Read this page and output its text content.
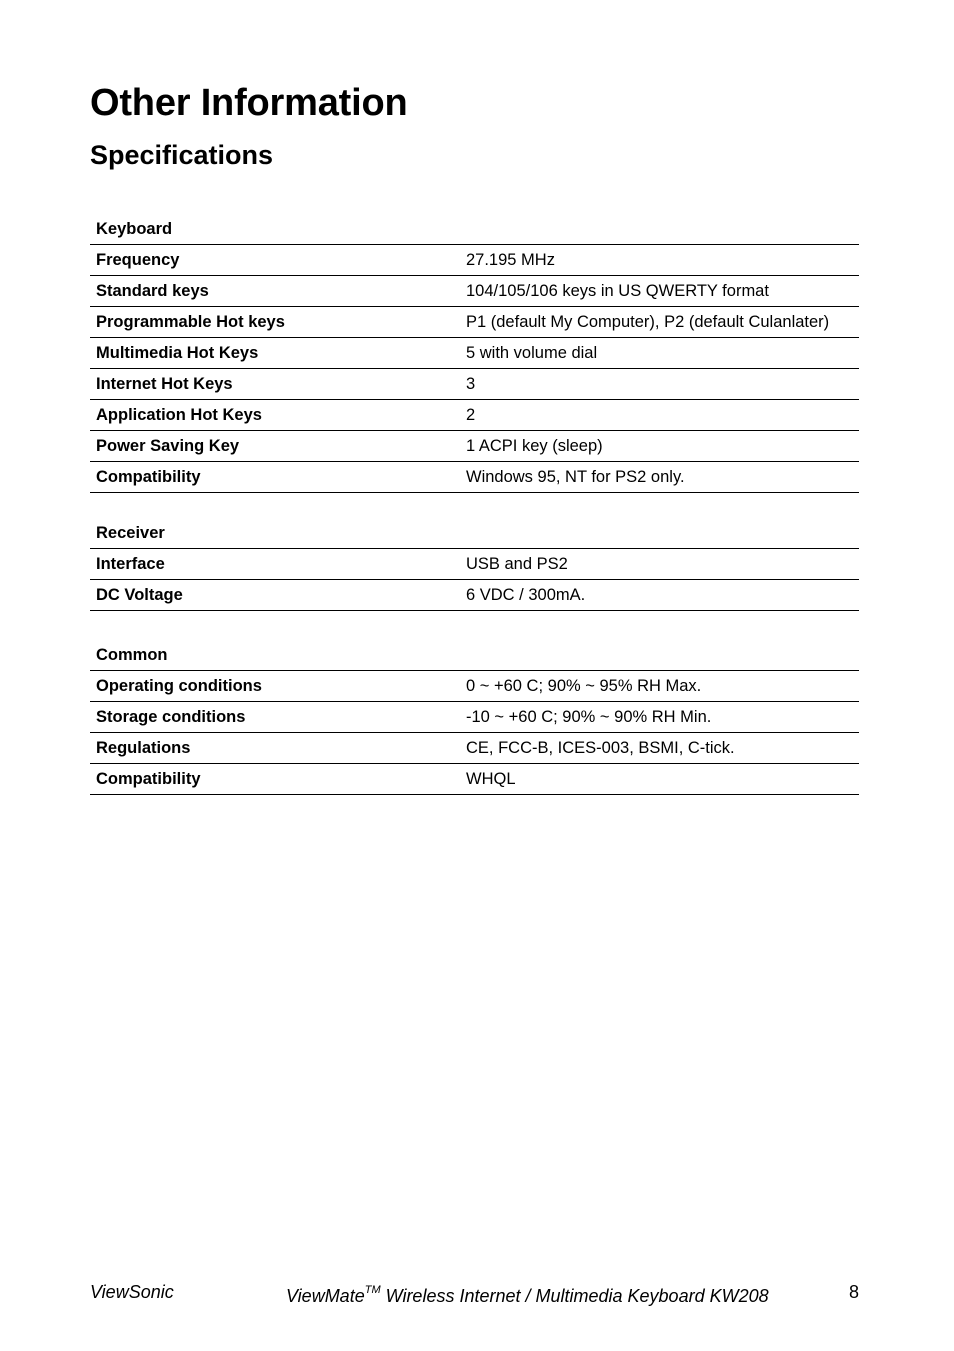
Other Information
Specifications
Keyboard	
Frequency	27.195 MHz
Standard keys	104/105/106 keys in US QWERTY format
Programmable Hot keys	P1 (default My Computer), P2 (default Culanlater)
Multimedia Hot Keys	5 with volume dial
Internet Hot Keys	3
Application Hot Keys	2
Power Saving Key	1 ACPI key (sleep)
Compatibility	Windows 95, NT for PS2 only.
Receiver	
Interface	USB and PS2
DC Voltage	6 VDC / 300mA.
Common	
Operating conditions	0 ~ +60 C; 90% ~ 95% RH Max.
Storage conditions	-10 ~ +60 C; 90% ~ 90% RH Min.
Regulations	CE, FCC-B, ICES-003, BSMI, C-tick.
Compatibility	WHQL
ViewSonic	ViewMate™ Wireless Internet / Multimedia Keyboard KW208	8
